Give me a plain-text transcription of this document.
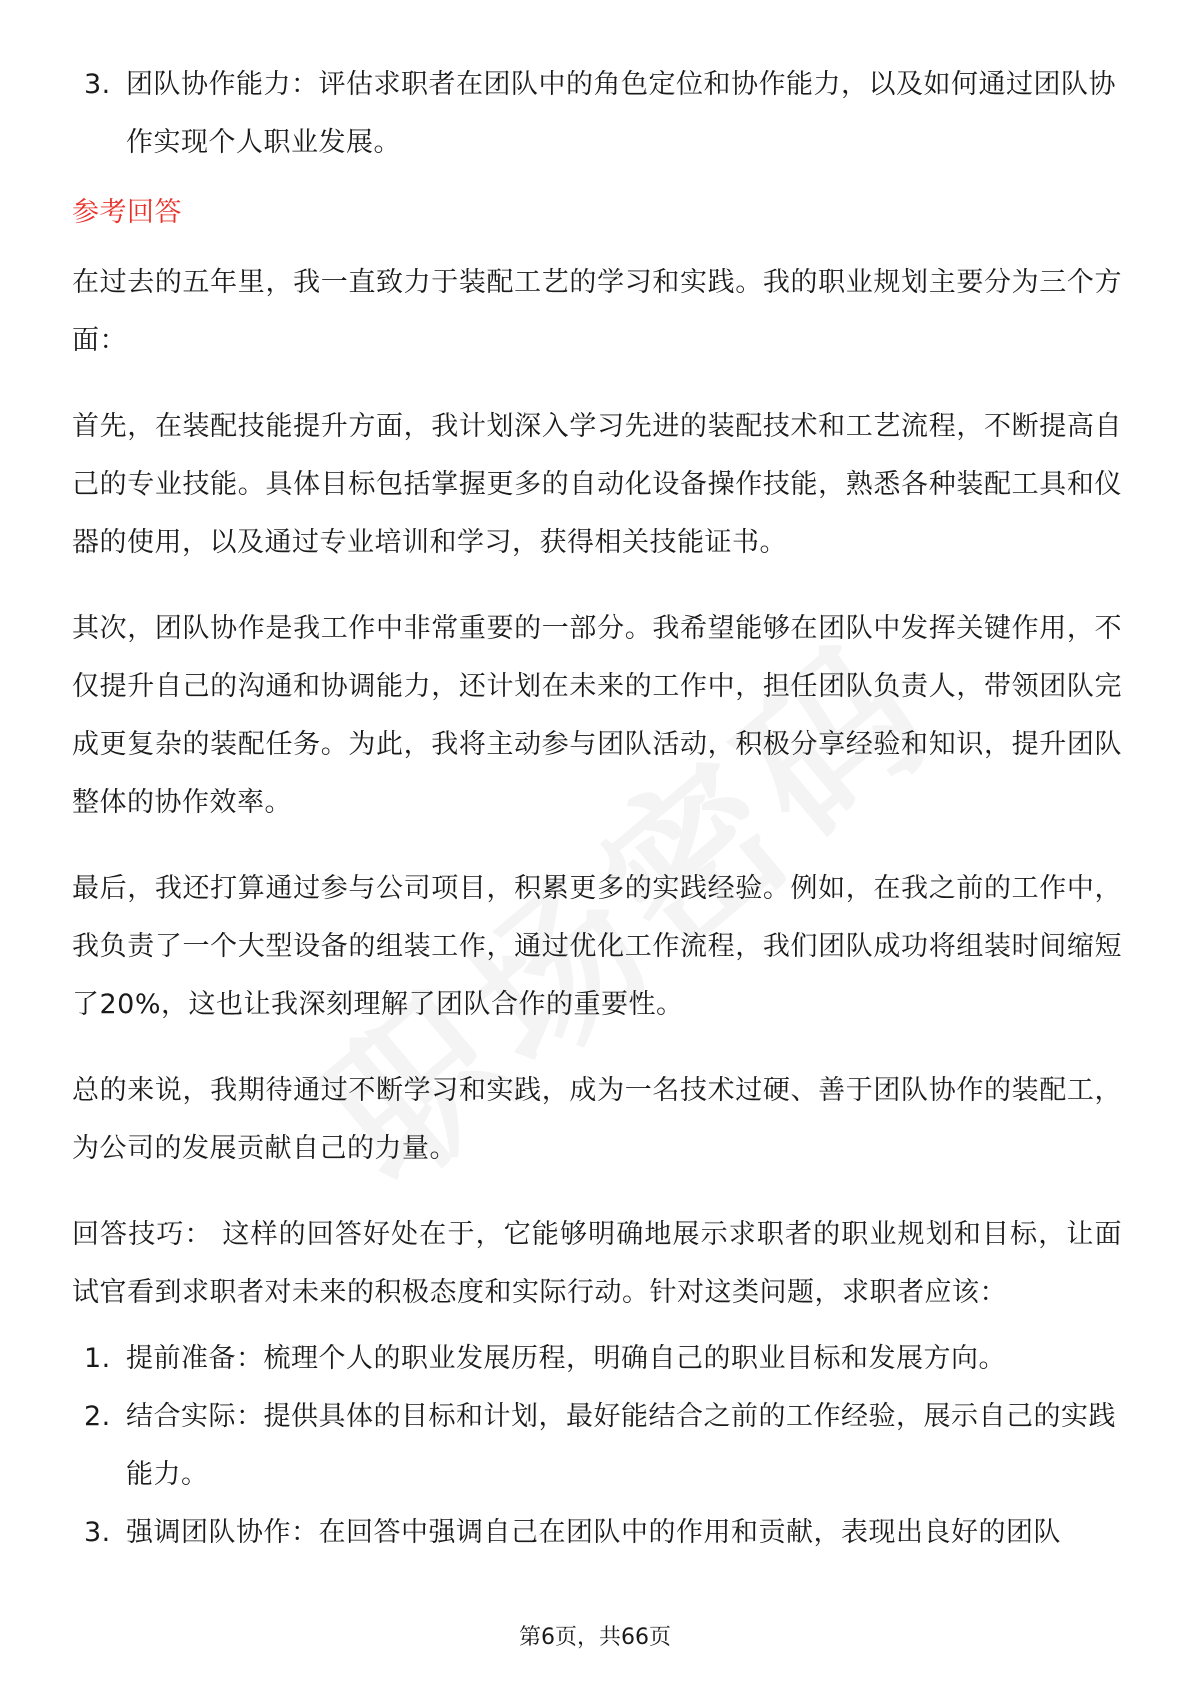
3. 团队协作能力：评估求职者在团队中的角色定位和协作能力，以及如何通过团队协作实现个人职业发展。
参考回答

在过去的五年里，我一直致力于装配工艺的学习和实践。我的职业规划主要分为三个方面：

首先，在装配技能提升方面，我计划深入学习先进的装配技术和工艺流程，不断提高自己的专业技能。具体目标包括掌握更多的自动化设备操作技能，熟悉各种装配工具和仪器的使用，以及通过专业培训和学习，获得相关技能证书。

其次，团队协作是我工作中非常重要的一部分。我希望能够在团队中发挥关键作用，不仅提升自己的沟通和协调能力，还计划在未来的工作中，担任团队负责人，带领团队完成更复杂的装配任务。为此，我将主动参与团队活动，积极分享经验和知识，提升团队整体的协作效率。

最后，我还打算通过参与公司项目，积累更多的实践经验。例如，在我之前的工作中，我负责了一个大型设备的组装工作，通过优化工作流程，我们团队成功将组装时间缩短了20%，这也让我深刻理解了团队合作的重要性。

总的来说，我期待通过不断学习和实践，成为一名技术过硬、善于团队协作的装配工，为公司的发展贡献自己的力量。

回答技巧： 这样的回答好处在于，它能够明确地展示求职者的职业规划和目标，让面试官看到求职者对未来的积极态度和实际行动。针对这类问题，求职者应该：

1. 提前准备：梳理个人的职业发展历程，明确自己的职业目标和发展方向。
2. 结合实际：提供具体的目标和计划，最好能结合之前的工作经验，展示自己的实践能力。
3. 强调团队协作：在回答中强调自己在团队中的作用和贡献，表现出良好的团队
第6页，共66页
